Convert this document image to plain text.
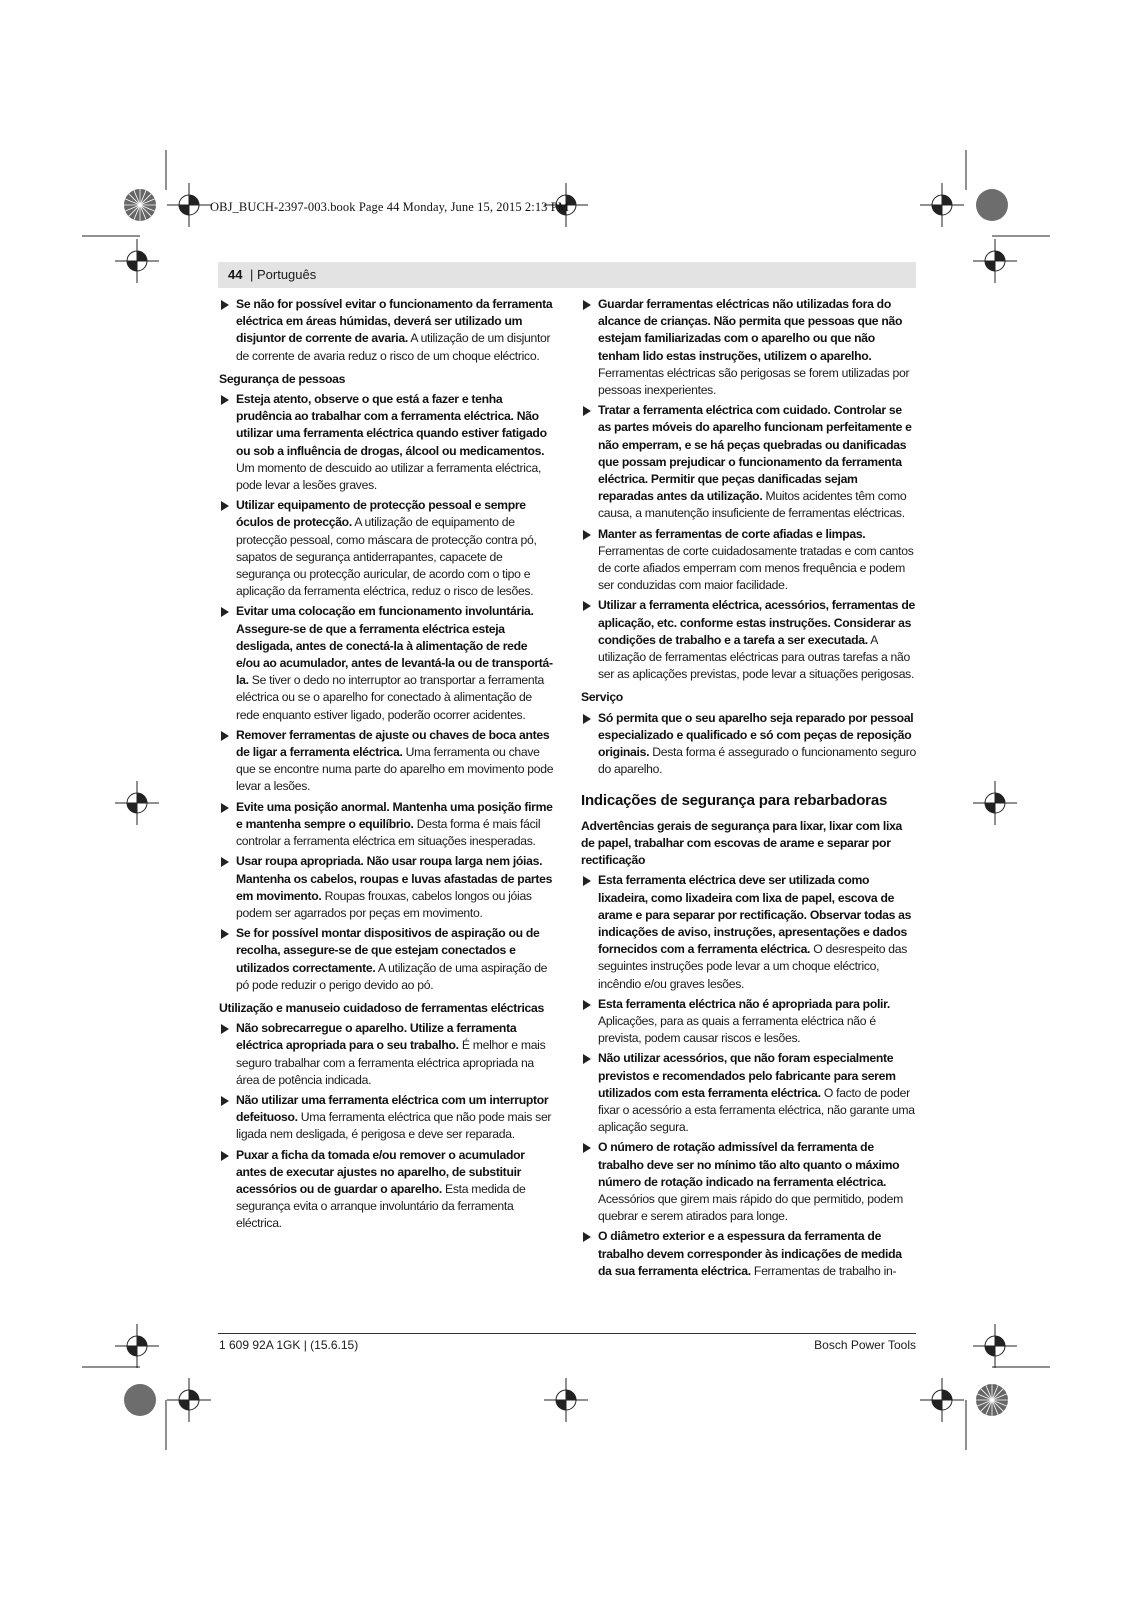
OBJ_BUCH-2397-003.book Page 44 Monday, June 15, 2015 2:13 PM
44 | Português
Se não for possível evitar o funcionamento da ferramenta eléctrica em áreas húmidas, deverá ser utilizado um disjuntor de corrente de avaria. A utilização de um disjuntor de corrente de avaria reduz o risco de um choque eléctrico.
Segurança de pessoas
Esteja atento, observe o que está a fazer e tenha prudência ao trabalhar com a ferramenta eléctrica. Não utilizar uma ferramenta eléctrica quando estiver fatigado ou sob a influência de drogas, álcool ou medicamentos. Um momento de descuido ao utilizar a ferramenta eléctrica, pode levar a lesões graves.
Utilizar equipamento de protecção pessoal e sempre óculos de protecção. A utilização de equipamento de protecção pessoal, como máscara de protecção contra pó, sapatos de segurança antiderrapantes, capacete de segurança ou protecção auricular, de acordo com o tipo e aplicação da ferramenta eléctrica, reduz o risco de lesões.
Evitar uma colocação em funcionamento involuntária. Assegure-se de que a ferramenta eléctrica esteja desligada, antes de conectá-la à alimentação de rede e/ou ao acumulador, antes de levantá-la ou de transportá-la. Se tiver o dedo no interruptor ao transportar a ferramenta eléctrica ou se o aparelho for conectado à alimentação de rede enquanto estiver ligado, poderão ocorrer acidentes.
Remover ferramentas de ajuste ou chaves de boca antes de ligar a ferramenta eléctrica. Uma ferramenta ou chave que se encontre numa parte do aparelho em movimento pode levar a lesões.
Evite uma posição anormal. Mantenha uma posição firme e mantenha sempre o equilíbrio. Desta forma é mais fácil controlar a ferramenta eléctrica em situações inesperadas.
Usar roupa apropriada. Não usar roupa larga nem jóias. Mantenha os cabelos, roupas e luvas afastadas de partes em movimento. Roupas frouxas, cabelos longos ou jóias podem ser agarrados por peças em movimento.
Se for possível montar dispositivos de aspiração ou de recolha, assegure-se de que estejam conectados e utilizados correctamente. A utilização de uma aspiração de pó pode reduzir o perigo devido ao pó.
Utilização e manuseio cuidadoso de ferramentas eléctricas
Não sobrecarregue o aparelho. Utilize a ferramenta eléctrica apropriada para o seu trabalho. É melhor e mais seguro trabalhar com a ferramenta eléctrica apropriada na área de potência indicada.
Não utilizar uma ferramenta eléctrica com um interruptor defeituoso. Uma ferramenta eléctrica que não pode mais ser ligada nem desligada, é perigosa e deve ser reparada.
Puxar a ficha da tomada e/ou remover o acumulador antes de executar ajustes no aparelho, de substituir acessórios ou de guardar o aparelho. Esta medida de segurança evita o arranque involuntário da ferramenta eléctrica.
Guardar ferramentas eléctricas não utilizadas fora do alcance de crianças. Não permita que pessoas que não estejam familiarizadas com o aparelho ou que não tenham lido estas instruções, utilizem o aparelho. Ferramentas eléctricas são perigosas se forem utilizadas por pessoas inexperientes.
Tratar a ferramenta eléctrica com cuidado. Controlar se as partes móveis do aparelho funcionam perfeitamente e não emperram, e se há peças quebradas ou danificadas que possam prejudicar o funcionamento da ferramenta eléctrica. Permitir que peças danificadas sejam reparadas antes da utilização. Muitos acidentes têm como causa, a manutenção insuficiente de ferramentas eléctricas.
Manter as ferramentas de corte afiadas e limpas. Ferramentas de corte cuidadosamente tratadas e com cantos de corte afiados emperram com menos frequência e podem ser conduzidas com maior facilidade.
Utilizar a ferramenta eléctrica, acessórios, ferramentas de aplicação, etc. conforme estas instruções. Considerar as condições de trabalho e a tarefa a ser executada. A utilização de ferramentas eléctricas para outras tarefas a não ser as aplicações previstas, pode levar a situações perigosas.
Serviço
Só permita que o seu aparelho seja reparado por pessoal especializado e qualificado e só com peças de reposição originais. Desta forma é assegurado o funcionamento seguro do aparelho.
Indicações de segurança para rebarbadoras
Advertências gerais de segurança para lixar, lixar com lixa de papel, trabalhar com escovas de arame e separar por rectificação
Esta ferramenta eléctrica deve ser utilizada como lixadeira, como lixadeira com lixa de papel, escova de arame e para separar por rectificação. Observar todas as indicações de aviso, instruções, apresentações e dados fornecidos com a ferramenta eléctrica. O desrespeito das seguintes instruções pode levar a um choque eléctrico, incêndio e/ou graves lesões.
Esta ferramenta eléctrica não é apropriada para polir. Aplicações, para as quais a ferramenta eléctrica não é prevista, podem causar riscos e lesões.
Não utilizar acessórios, que não foram especialmente previstos e recomendados pelo fabricante para serem utilizados com esta ferramenta eléctrica. O facto de poder fixar o acessório a esta ferramenta eléctrica, não garante uma aplicação segura.
O número de rotação admissível da ferramenta de trabalho deve ser no mínimo tão alto quanto o máximo número de rotação indicado na ferramenta eléctrica. Acessórios que girem mais rápido do que permitido, podem quebrar e serem atirados para longe.
O diâmetro exterior e a espessura da ferramenta de trabalho devem corresponder às indicações de medida da sua ferramenta eléctrica. Ferramentas de trabalho in-
1 609 92A 1GK | (15.6.15)	Bosch Power Tools
